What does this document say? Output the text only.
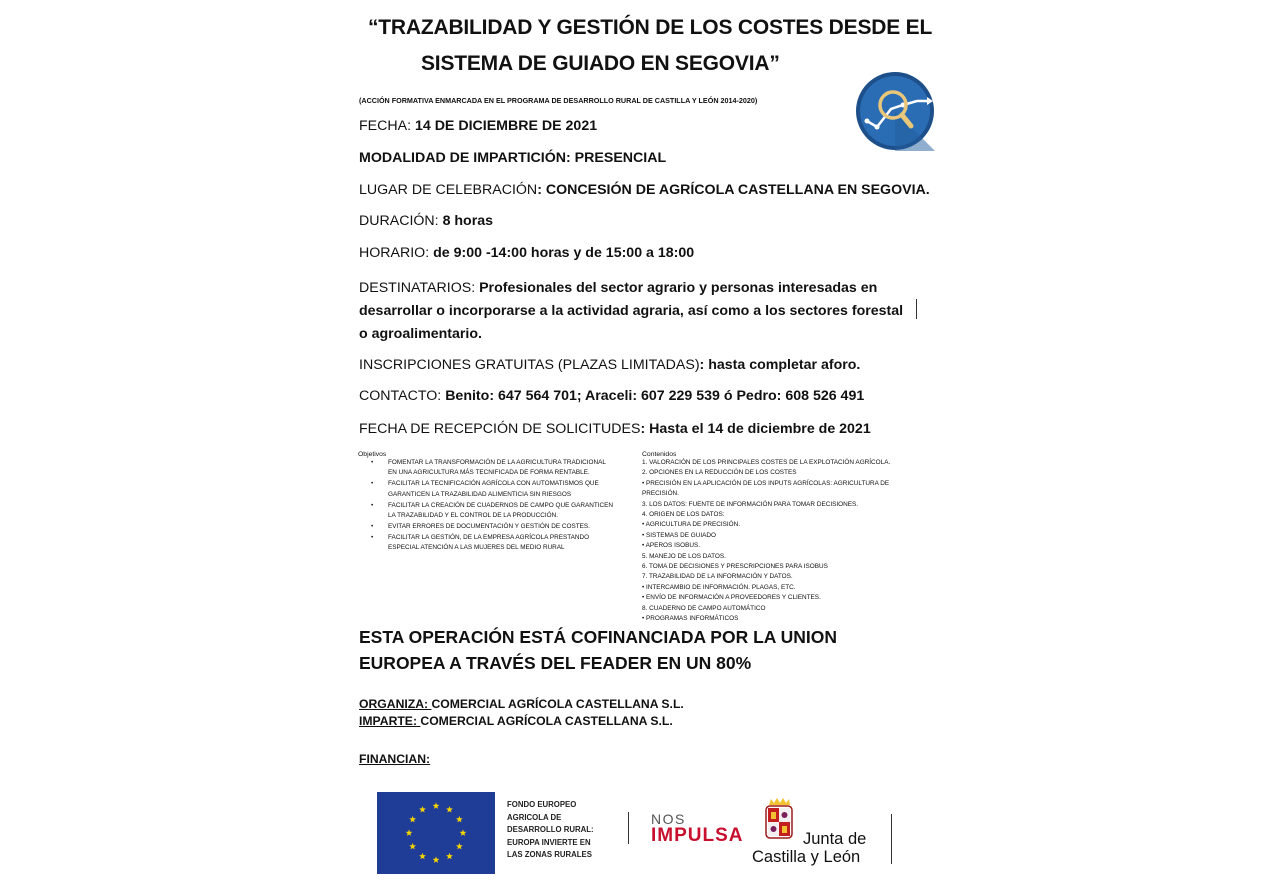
“TRAZABILIDAD Y GESTIÓN DE LOS COSTES DESDE EL
SISTEMA DE GUIADO EN SEGOVIA”
(ACCIÓN FORMATIVA ENMARCADA EN EL PROGRAMA DE DESARROLLO RURAL DE CASTILLA Y LEÓN 2014-2020)
FECHA: 14 DE DICIEMBRE DE 2021
MODALIDAD DE IMPARTICIÓN: PRESENCIAL
LUGAR DE CELEBRACIÓN: CONCESIÓN DE AGRÍCOLA CASTELLANA EN SEGOVIA.
DURACIÓN: 8 horas
HORARIO: de 9:00 -14:00 horas y de 15:00 a 18:00
DESTINATARIOS: Profesionales del sector agrario y personas interesadas en
desarrollar o incorporarse a la actividad agraria, así como a los sectores forestal
o agroalimentario.
INSCRIPCIONES GRATUITAS (PLAZAS LIMITADAS): hasta completar aforo.
CONTACTO: Benito: 647 564 701; Araceli: 607 229 539 ó Pedro: 608 526 491
FECHA DE RECEPCIÓN DE SOLICITUDES: Hasta el 14 de diciembre de 2021
Objetivos
• FOMENTAR LA TRANSFORMACIÓN DE LA AGRICULTURA TRADICIONAL
EN UNA AGRICULTURA MÁS TECNIFICADA DE FORMA RENTABLE.
• FACILITAR LA TECNIFICACIÓN AGRÍCOLA CON AUTOMATISMOS QUE
GARANTICEN LA TRAZABILIDAD ALIMENTICIA SIN RIESGOS
• FACILITAR LA CREACIÓN DE CUADERNOS DE CAMPO QUE GARANTICEN
LA TRAZABILIDAD Y EL CONTROL DE LA PRODUCCIÓN.
• EVITAR ERRORES DE DOCUMENTACIÓN Y GESTIÓN DE COSTES.
• FACILITAR LA GESTIÓN, DE LA EMPRESA AGRÍCOLA PRESTANDO
ESPECIAL ATENCIÓN A LAS MUJERES DEL MEDIO RURAL
Contenidos
1. VALORACIÓN DE LOS PRINCIPALES COSTES DE LA EXPLOTACIÓN AGRÍCOLA.
2. OPCIONES EN LA REDUCCIÓN DE LOS COSTES
• PRECISIÓN EN LA APLICACIÓN DE LOS INPUTS AGRÍCOLAS: AGRICULTURA DE
PRECISIÓN.
3. LOS DATOS: FUENTE DE INFORMACIÓN PARA TOMAR DECISIONES.
4. ORIGEN DE LOS DATOS:
• AGRICULTURA DE PRECISIÓN.
• SISTEMAS DE GUIADO
• APEROS ISOBUS.
5. MANEJO DE LOS DATOS.
6. TOMA DE DECISIONES Y PRESCRIPCIONES PARA ISOBUS
7. TRAZABILIDAD DE LA INFORMACIÓN Y DATOS.
• INTERCAMBIO DE INFORMACIÓN. PLAGAS, ETC.
• ENVÍO DE INFORMACIÓN A PROVEEDORES Y CLIENTES.
8. CUADERNO DE CAMPO AUTOMÁTICO
• PROGRAMAS INFORMÁTICOS
ESTA OPERACIÓN ESTÁ COFINANCIADA POR LA UNION
EUROPEA A TRAVÉS DEL FEADER EN UN 80%
ORGANIZA: COMERCIAL AGRÍCOLA CASTELLANA S.L.
IMPARTE: COMERCIAL AGRÍCOLA CASTELLANA S.L.
FINANCIAN:
FONDO EUROPEO
AGRICOLA DE
DESARROLLO RURAL:
EUROPA INVIERTE EN
LAS ZONAS RURALES
NOS
IMPULSA	Junta de
Castilla y León
